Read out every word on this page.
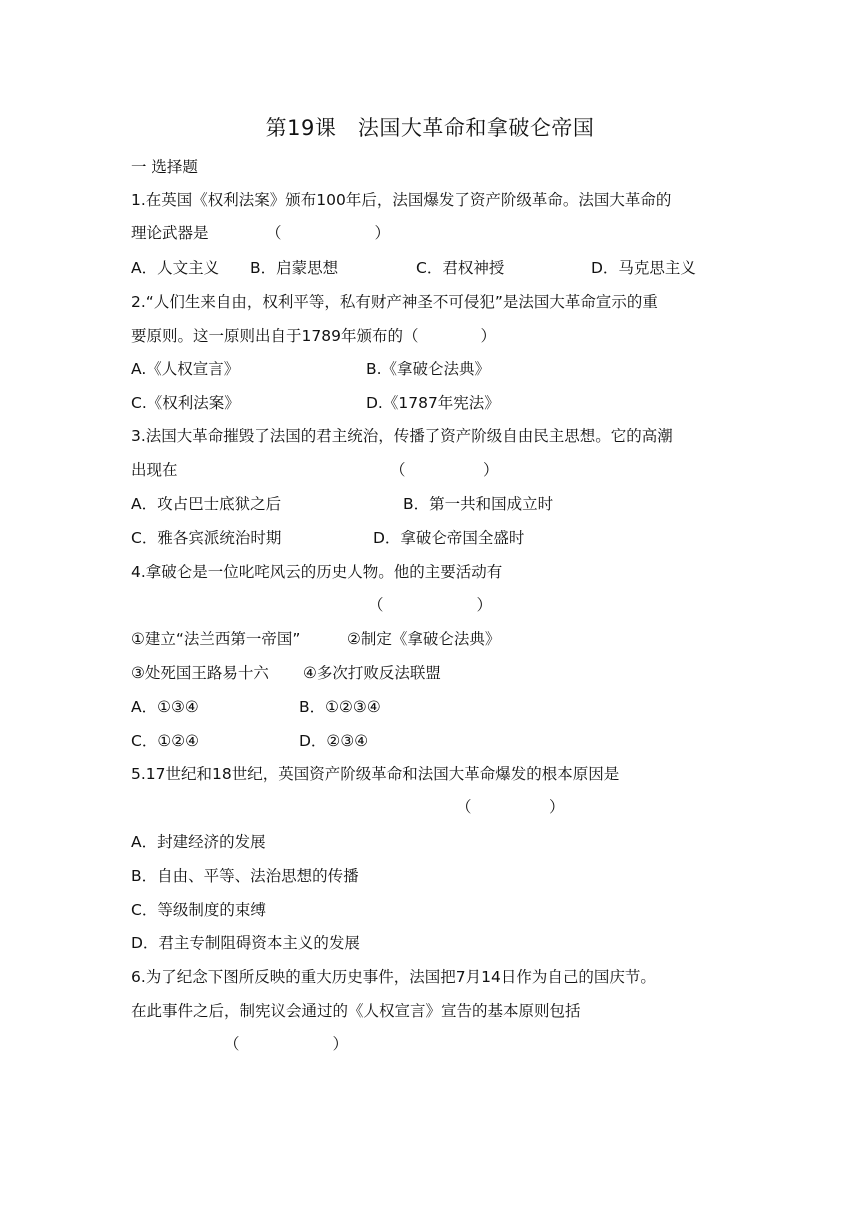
第19课　法国大革命和拿破仑帝国
一 选择题
1.在英国《权利法案》颁布100年后，法国爆发了资产阶级革命。法国大革命的
理论武器是	（　　　　　　）
A．人文主义 B．启蒙思想	C．君权神授	D．马克思主义
2.“人们生来自由，权利平等，私有财产神圣不可侵犯”是法国大革命宣示的重
要原则。这一原则出自于1789年颁布的（　　　　）
A.《人权宣言》	B.《拿破仑法典》
C.《权利法案》	D.《1787年宪法》
3.法国大革命摧毁了法国的君主统治，传播了资产阶级自由民主思想。它的高潮
出现在	（　　　　　）
A．攻占巴士底狱之后	B．第一共和国成立时
C．雅各宾派统治时期	D．拿破仑帝国全盛时
4.拿破仑是一位叱咤风云的历史人物。他的主要活动有
（　　　　　　）
①建立“法兰西第一帝国”	②制定《拿破仑法典》
③处死国王路易十六 ④多次打败反法联盟
A．①③④	B．①②③④
C．①②④	D．②③④
5.17世纪和18世纪，英国资产阶级革命和法国大革命爆发的根本原因是
（　　　　　）
A．封建经济的发展
B．自由、平等、法治思想的传播
C．等级制度的束缚
D．君主专制阻碍资本主义的发展
6.为了纪念下图所反映的重大历史事件，法国把7月14日作为自己的国庆节。
在此事件之后，制宪议会通过的《人权宣言》宣告的基本原则包括
（　　　　　　）
